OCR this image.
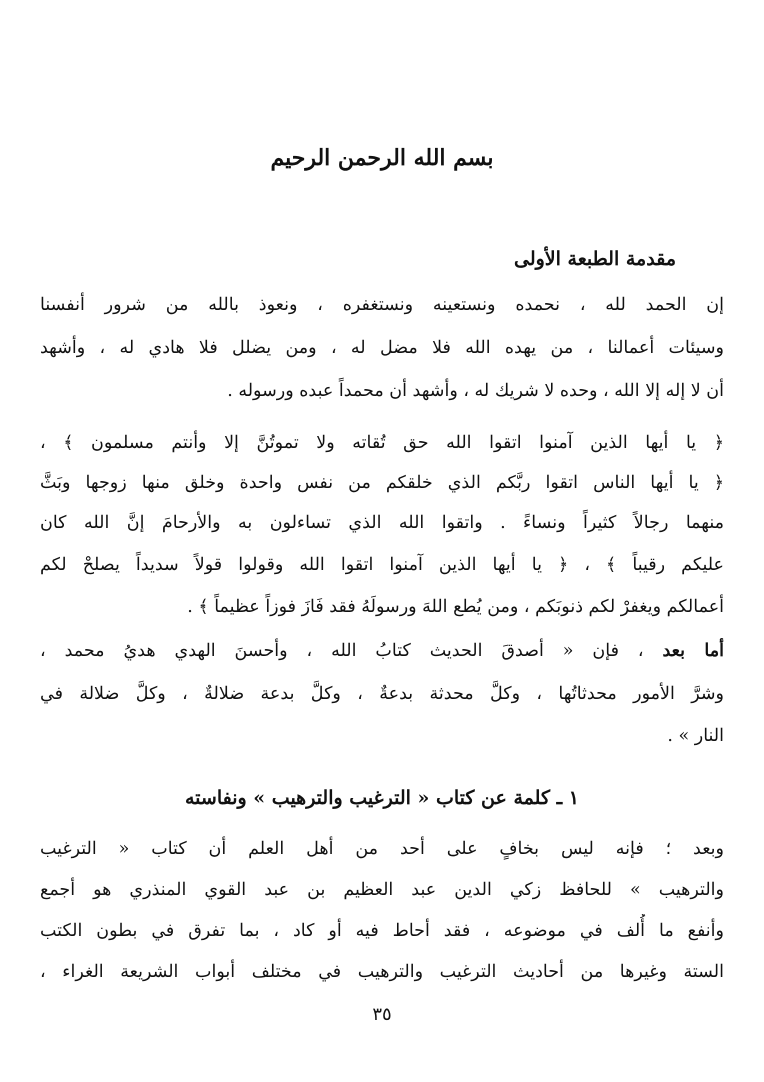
بسم الله الرحمن الرحيم
مقدمة الطبعة الأولى
إن الحمد لله ، نحمده ونستعينه ونستغفره ، ونعوذ بالله من شرور أنفسنا
وسيئات أعمالنا ، من يهده الله فلا مضل له ، ومن يضلل فلا هادي له ، وأشهد
أن لا إله إلا الله ، وحده لا شريك له ، وأشهد أن محمداً عبده ورسوله .
﴿ يا أيها الذين آمنوا اتقوا الله حق تُقاته ولا تموتُنَّ إلا وأنتم مسلمون ﴾ ،
﴿ يا أيها الناس اتقوا ربَّكم الذي خلقكم من نفس واحدة وخلق منها زوجها وبَثَّ
منهما رجالاً كثيراً ونساءً . واتقوا الله الذي تساءلون به والأرحامَ إنَّ الله كان
عليكم رقيباً ﴾ ، ﴿ يا أيها الذين آمنوا اتقوا الله وقولوا قولاً سديداً يصلحْ لكم
أعمالكم ويغفرْ لكم ذنوبَكم ، ومن يُطع اللهَ ورسولَهُ فقد فَازَ فوزاً عظيماً ﴾ .
أما بعد ، فإن « أصدقَ الحديث كتابُ الله ، وأحسنَ الهدي هديُ محمد ،
وشرَّ الأمور محدثاتُها ، وكلَّ محدثة بدعةٌ ، وكلَّ بدعة ضلالةٌ ، وكلَّ ضلالة في
النار » .
١ ـ كلمة عن كتاب « الترغيب والترهيب » ونفاسته
وبعد ؛ فإنه ليس بخافٍ على أحد من أهل العلم أن كتاب « الترغيب
والترهيب » للحافظ زكي الدين عبد العظيم بن عبد القوي المنذري هو أجمع
وأنفع ما أُلف في موضوعه ، فقد أحاط فيه أو كاد ، بما تفرق في بطون الكتب
الستة وغيرها من أحاديث الترغيب والترهيب في مختلف أبواب الشريعة الغراء ،
٣٥
